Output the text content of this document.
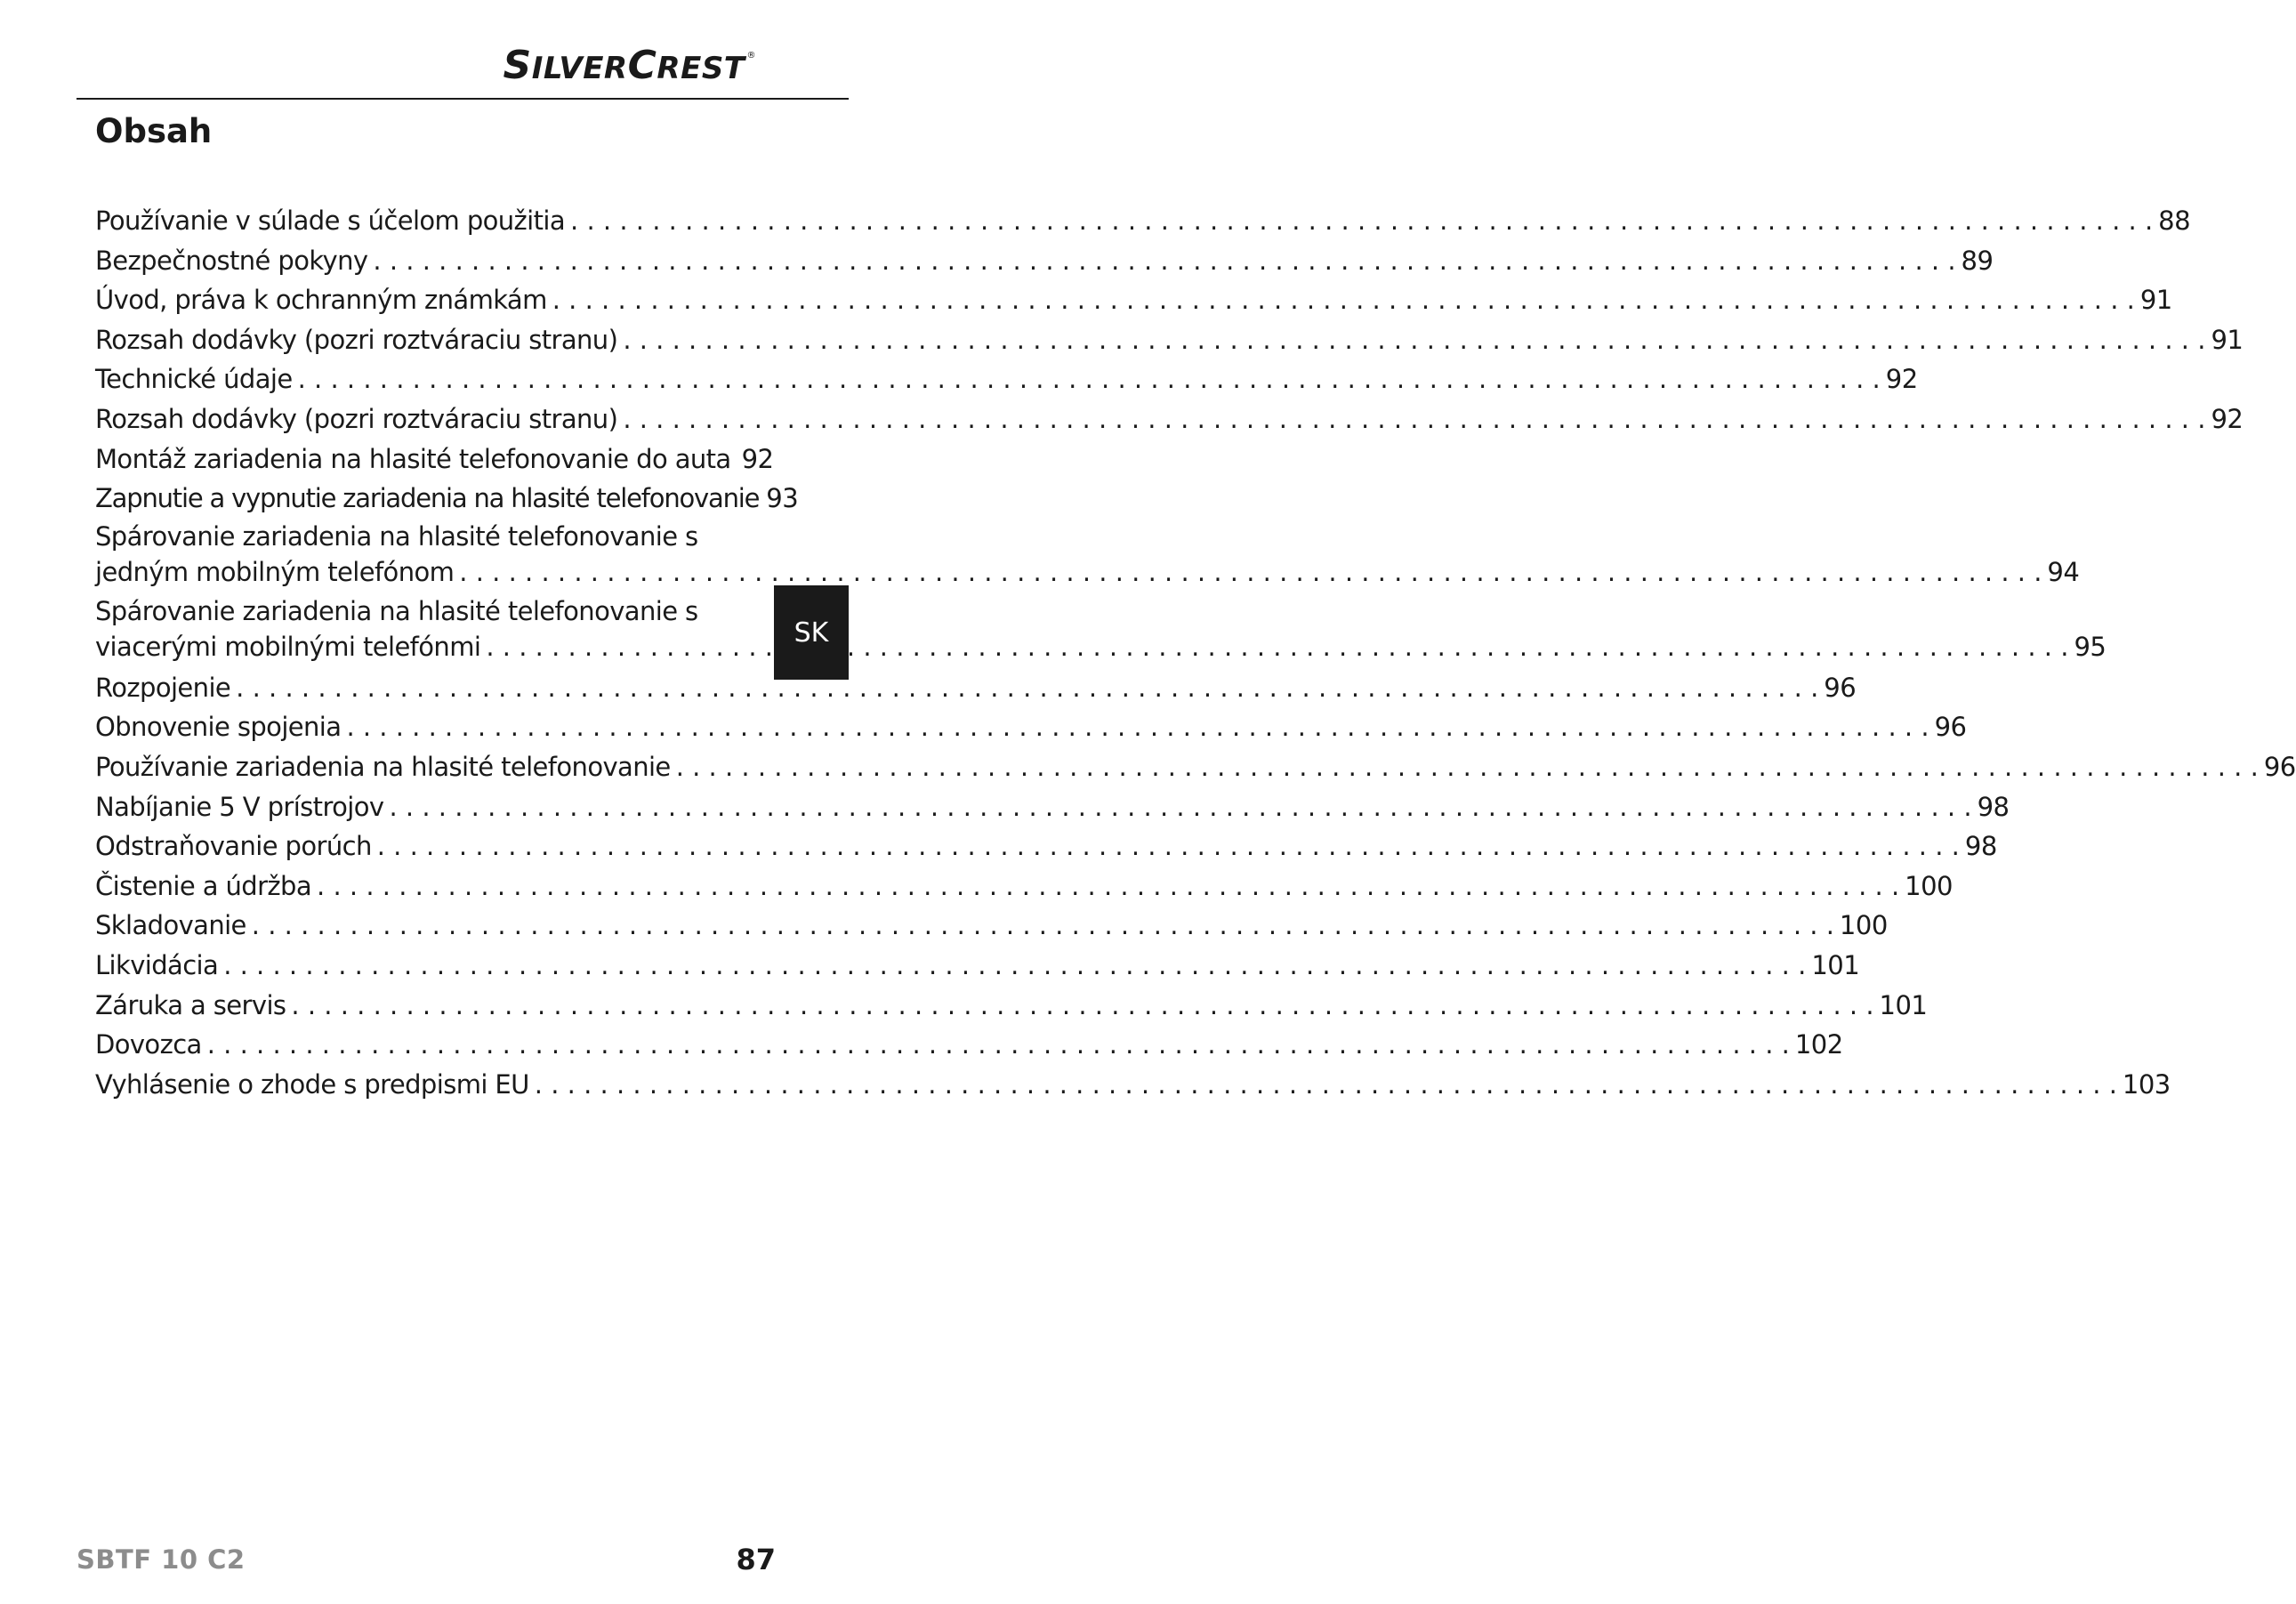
SILVERCREST ®
Obsah
Používanie v súlade s účelom použitia . . .	88
Bezpečnostné pokyny . . .	89
Úvod, práva k ochranným známkám . . .	91
Rozsah dodávky (pozri roztváraciu stranu) . . .	91
Technické údaje . . .	92
Rozsah dodávky (pozri roztváraciu stranu) . . .	92
Montáž zariadenia na hlasité telefonovanie do auta 92
Zapnutie a vypnutie zariadenia na hlasité telefonovanie 93
Spárovanie zariadenia na hlasité telefonovanie s
jedným mobilným telefónom . . .	94
Spárovanie zariadenia na hlasité telefonovanie s
viacerými mobilnými telefónmi . . .	95
Rozpojenie . . .	96
Obnovenie spojenia . . .	96
Používanie zariadenia na hlasité telefonovanie . . .	96
Nabíjanie 5 V prístrojov . . .	98
Odstraňovanie porúch . . .	98
Čistenie a údržba . . .	100
Skladovanie . . .	100
Likvidácia . . .	101
Záruka a servis . . .	101
Dovozca . . .	102
Vyhlásenie o zhode s predpismi EU . . .	103
SK
SBTF 10 C2	87
